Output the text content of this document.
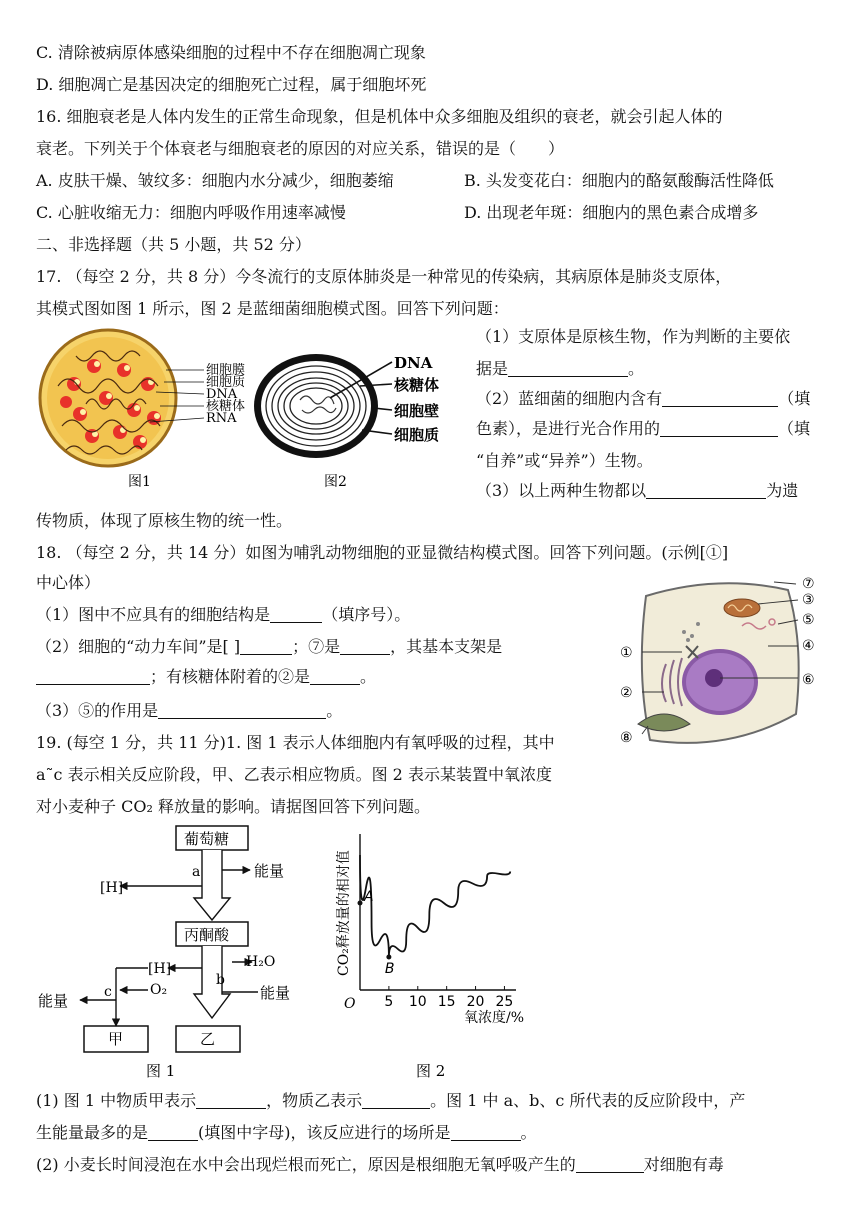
C. 清除被病原体感染细胞的过程中不存在细胞凋亡现象
D. 细胞凋亡是基因决定的细胞死亡过程，属于细胞坏死
16. 细胞衰老是人体内发生的正常生命现象，但是机体中众多细胞及组织的衰老，就会引起人体的
衰老。下列关于个体衰老与细胞衰老的原因的对应关系，错误的是（　　）
A. 皮肤干燥、皱纹多：细胞内水分减少，细胞萎缩	B. 头发变花白：细胞内的酪氨酸酶活性降低
C. 心脏收缩无力：细胞内呼吸作用速率减慢	D. 出现老年斑：细胞内的黑色素合成增多
二、非选择题（共 5 小题，共 52 分）
17. （每空 2 分，共 8 分）今冬流行的支原体肺炎是一种常见的传染病，其病原体是肺炎支原体，
其模式图如图 1 所示，图 2 是蓝细菌细胞模式图。回答下列问题：
细胞膜
细胞质
DNA
核糖体
RNA
图1
DNA
核糖体
细胞壁
细胞质
图2
（1）支原体是原核生物，作为判断的主要依
据是	。
（2）蓝细菌的细胞内含有	（填
色素），是进行光合作用的	（填
“自养”或“异养”）生物。
（3）以上两种生物都以	为遗
传物质，体现了原核生物的统一性。
18. （每空 2 分，共 14 分）如图为哺乳动物细胞的亚显微结构模式图。回答下列问题。(示例[①]
中心体）
（1）图中不应具有的细胞结构是	（填序号）。
（2）细胞的“动力车间”是[ ]	；⑦是	，其基本支架是
；有核糖体附着的②是	。
（3）⑤的作用是	。
⑦
③
⑤
④
①
⑥
②
⑧
19. (每空 1 分，共 11 分)1. 图 1 表示人体细胞内有氧呼吸的过程，其中
a˜c 表示相关反应阶段，甲、乙表示相应物质。图 2 表示某装置中氧浓度
对小麦种子 CO₂ 释放量的影响。请据图回答下列问题。
葡萄糖
丙酮酸
甲	乙
a	能量
[H]
H₂O
[H]
b
能量
O₂
c
能量
图 1
CO₂释放量的相对值
氧浓度/%
O
图 2
5 10 15 20 25
A
B
(1) 图 1 中物质甲表示	，物质乙表示	。图 1 中 a、b、c 所代表的反应阶段中，产
生能量最多的是	(填图中字母)，该反应进行的场所是	。
(2) 小麦长时间浸泡在水中会出现烂根而死亡，原因是根细胞无氧呼吸产生的	对细胞有毒
